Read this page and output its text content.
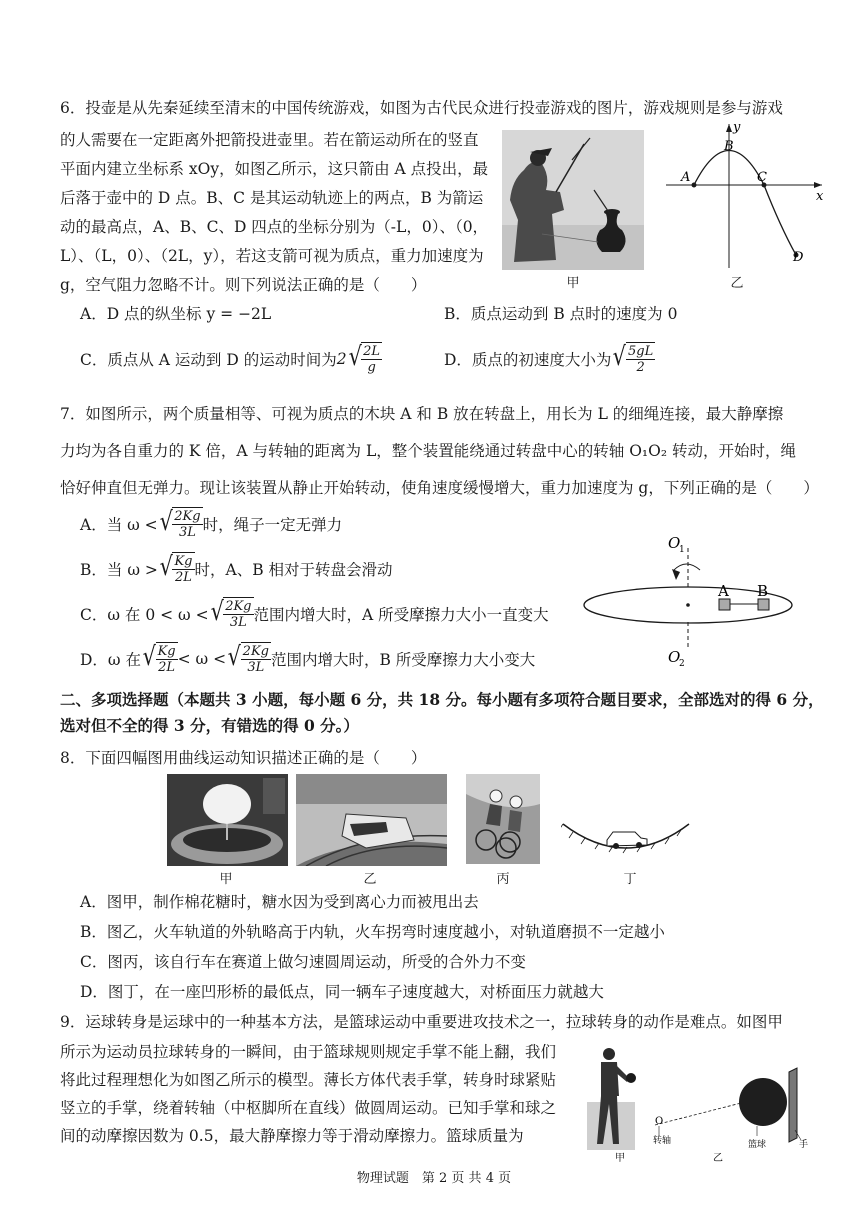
6．投壶是从先秦延续至清末的中国传统游戏，如图为古代民众进行投壶游戏的图片，游戏规则是参与游戏
的人需要在一定距离外把箭投进壶里。若在箭运动所在的竖直
平面内建立坐标系 xOy，如图乙所示，这只箭由 A 点投出，最
后落于壶中的 D 点。B、C 是其运动轨迹上的两点，B 为箭运
动的最高点，A、B、C、D 四点的坐标分别为（-L，0）、（0，
L）、（L，0）、（2L，y），若这支箭可视为质点，重力加速度为
g，空气阻力忽略不计。则下列说法正确的是（　　）	甲
y
x
A
B
C
D
乙
A．D 点的纵坐标 y = −2L	B．质点运动到 B 点时的速度为 0
C．质点从 A 运动到 D 的运动时间为 2 √ $\frac{2L}{g}$	D．质点的初速度大小为 √ $\frac{5gL}{2}$
7．如图所示，两个质量相等、可视为质点的木块 A 和 B 放在转盘上，用长为 L 的细绳连接，最大静摩擦
力均为各自重力的 K 倍，A 与转轴的距离为 L，整个装置能绕通过转盘中心的转轴 O₁O₂ 转动，开始时，绳
恰好伸直但无弹力。现让该装置从静止开始转动，使角速度缓慢增大，重力加速度为 g，下列正确的是（　　）
A．当 ω < √ $\frac{2Kg}{3L}$ 时，绳子一定无弹力
B．当 ω > √ $\frac{Kg}{2L}$ 时，A、B 相对于转盘会滑动
C．ω 在 0 < ω < √ $\frac{2Kg}{3L}$ 范围内增大时，A 所受摩擦力大小一直变大
D．ω 在 √ $\frac{Kg}{2L} < \omega$ < √ $\frac{2Kg}{3L}$ 范围内增大时，B 所受摩擦力大小变大
A B
O
1
O
2
二、多项选择题（本题共 3 小题，每小题 6 分，共 18 分。每小题有多项符合题目要求，全部选对的得 6 分，
选对但不全的得 3 分，有错选的得 0 分。）
8．下面四幅图用曲线运动知识描述正确的是（　　）
甲	乙	丙	丁
A．图甲，制作棉花糖时，糖水因为受到离心力而被甩出去
B．图乙，火车轨道的外轨略高于内轨，火车拐弯时速度越小，对轨道磨损不一定越小
C．图丙，该自行车在赛道上做匀速圆周运动，所受的合外力不变
D．图丁，在一座凹形桥的最低点，同一辆车子速度越大，对桥面压力就越大
9．运球转身是运球中的一种基本方法，是篮球运动中重要进攻技术之一，拉球转身的动作是难点。如图甲
所示为运动员拉球转身的一瞬间，由于篮球规则规定手掌不能上翻，我们
将此过程理想化为如图乙所示的模型。薄长方体代表手掌，转身时球紧贴
竖立的手掌，绕着转轴（中枢脚所在直线）做圆周运动。已知手掌和球之
间的动摩擦因数为 0.5，最大静摩擦力等于滑动摩擦力。篮球质量为
O
转轴	篮球	手
甲	乙
物理试题　第 2 页 共 4 页
